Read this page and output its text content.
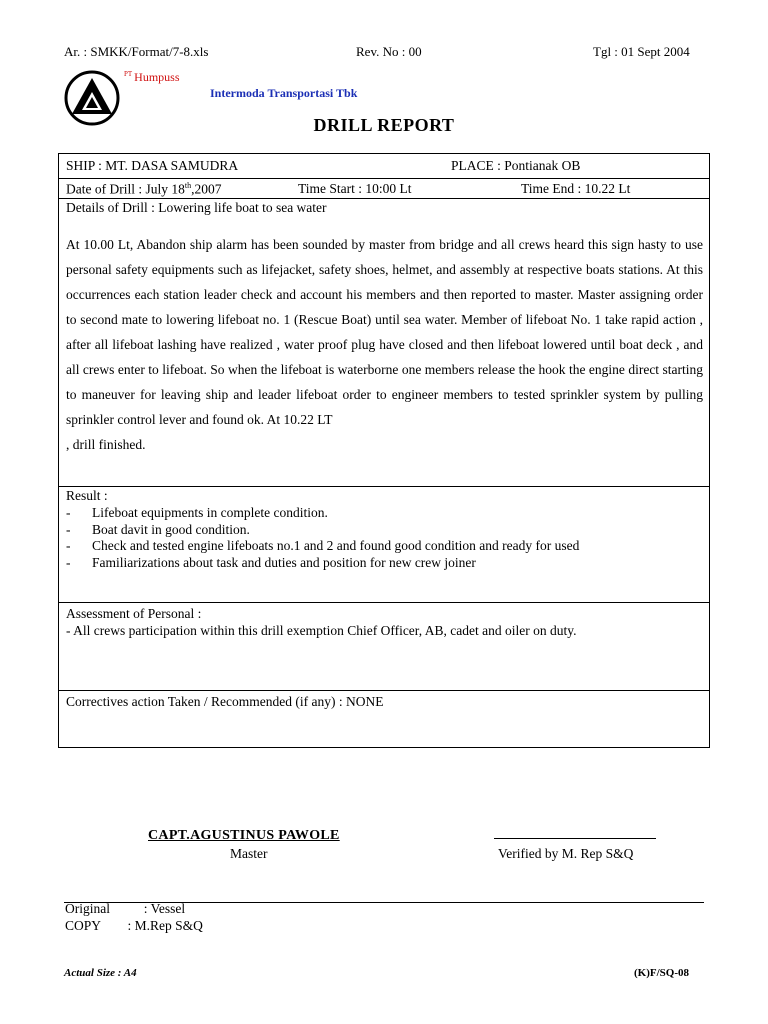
Ar. : SMKK/Format/7-8.xls	Rev. No : 00	Tgl : 01 Sept 2004
$^{PT}$ Humpuss
Intermoda Transportasi Tbk
DRILL REPORT
SHIP : MT. DASA SAMUDRA	PLACE : Pontianak OB
Date of Drill : July 18th,2007	Time Start : 10:00 Lt	Time End : 10.22 Lt
Details of Drill : Lowering life boat to sea water

At 10.00 Lt, Abandon ship alarm has been sounded by master from bridge and all crews heard this sign hasty to use personal safety equipments such as lifejacket, safety shoes, helmet, and assembly at respective boats stations. At this occurrences each station leader check and account his members and then reported to master. Master assigning order to second mate to lowering lifeboat no. 1 (Rescue Boat) until sea water. Member of lifeboat No. 1 take rapid action , after all lifeboat lashing have realized , water proof plug have closed and then lifeboat lowered until boat deck , and all crews enter to lifeboat. So when the lifeboat is waterborne one members release the hook the engine direct starting to maneuver for leaving ship and leader lifeboat order to engineer members to tested sprinkler system by pulling sprinkler control lever and found ok. At 10.22 LT

, drill finished.

Result :
-	Lifeboat equipments in complete condition.
-	Boat davit in good condition.
-	Check and tested engine lifeboats no.1 and 2 and found good condition and ready for used
-	Familiarizations about task and duties and position for new crew joiner
Assessment of Personal :
- All crews participation within this drill exemption Chief Officer, AB, cadet and oiler on duty.
Correctives action Taken / Recommended (if any) : NONE
CAPT.AGUSTINUS PAWOLE
Master	Verified by M. Rep S&Q
Original          : Vessel
COPY        : M.Rep S&Q
Actual Size : A4	(K)F/SQ-08
